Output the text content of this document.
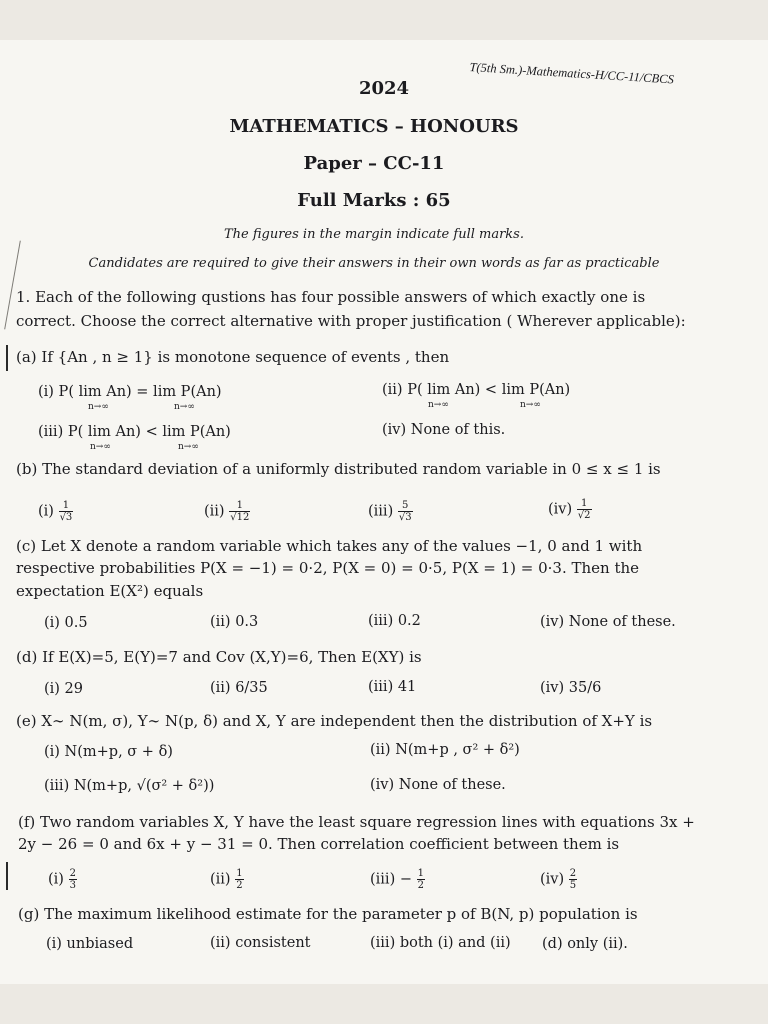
T(5th Sm.)-Mathematics-H/CC-11/CBCS
2024
MATHEMATICS – HONOURS
Paper – CC-11
Full Marks : 65
The figures in the margin indicate full marks.
Candidates are required to give their answers in their own words as far as practicable
1. Each of the following qustions has four possible answers of which exactly one is
correct. Choose the correct alternative with proper justification ( Wherever applicable):
(a) If {An , n ≥ 1} is monotone sequence of events , then
(i) P( lim An) = lim P(An)	(ii) P( lim An) < lim P(An)
(iii) P( lim An) < lim P(An)	(iv) None of this.
n→∞	n→∞	n→∞	n→∞
n→∞	n→∞
(b) The standard deviation of a uniformly distributed random variable in 0 ≤ x ≤ 1 is
$(i) \frac{1}{√3}$	$(ii) \frac{1}{√12}$	$(iii) \frac{5}{√3}$	$(iv) \frac{1}{√2}$
(c) Let X denote a random variable which takes any of the values −1, 0 and 1 with
respective probabilities P(X = −1) = 0·2, P(X = 0) = 0·5, P(X = 1) = 0·3. Then the
expectation E(X²) equals
(i) 0.5	(ii) 0.3	(iii) 0.2	(iv) None of these.
(d) If E(X)=5, E(Y)=7 and Cov (X,Y)=6, Then E(XY) is
(i) 29	(ii) 6/35	(iii) 41	(iv) 35/6
(e) X∼ N(m, σ), Y∼ N(p, δ) and X, Y are independent then the distribution of X+Y is
(i) N(m+p, σ + δ)	(ii) N(m+p , σ² + δ²)
(iii) N(m+p, √(σ² + δ²))	(iv) None of these.
(f) Two random variables X, Y have the least square regression lines with equations 3x +
2y − 26 = 0 and 6x + y − 31 = 0. Then correlation coefficient between them is
$(i) \frac{2}{3}$	$(ii) \frac{1}{2}$	$(iii) - \frac{1}{2}$	$(iv) \frac{2}{5}$
(g) The maximum likelihood estimate for the parameter p of B(N, p) population is
(i) unbiased	(ii) consistent	(iii) both (i) and (ii) (d) only (ii).
